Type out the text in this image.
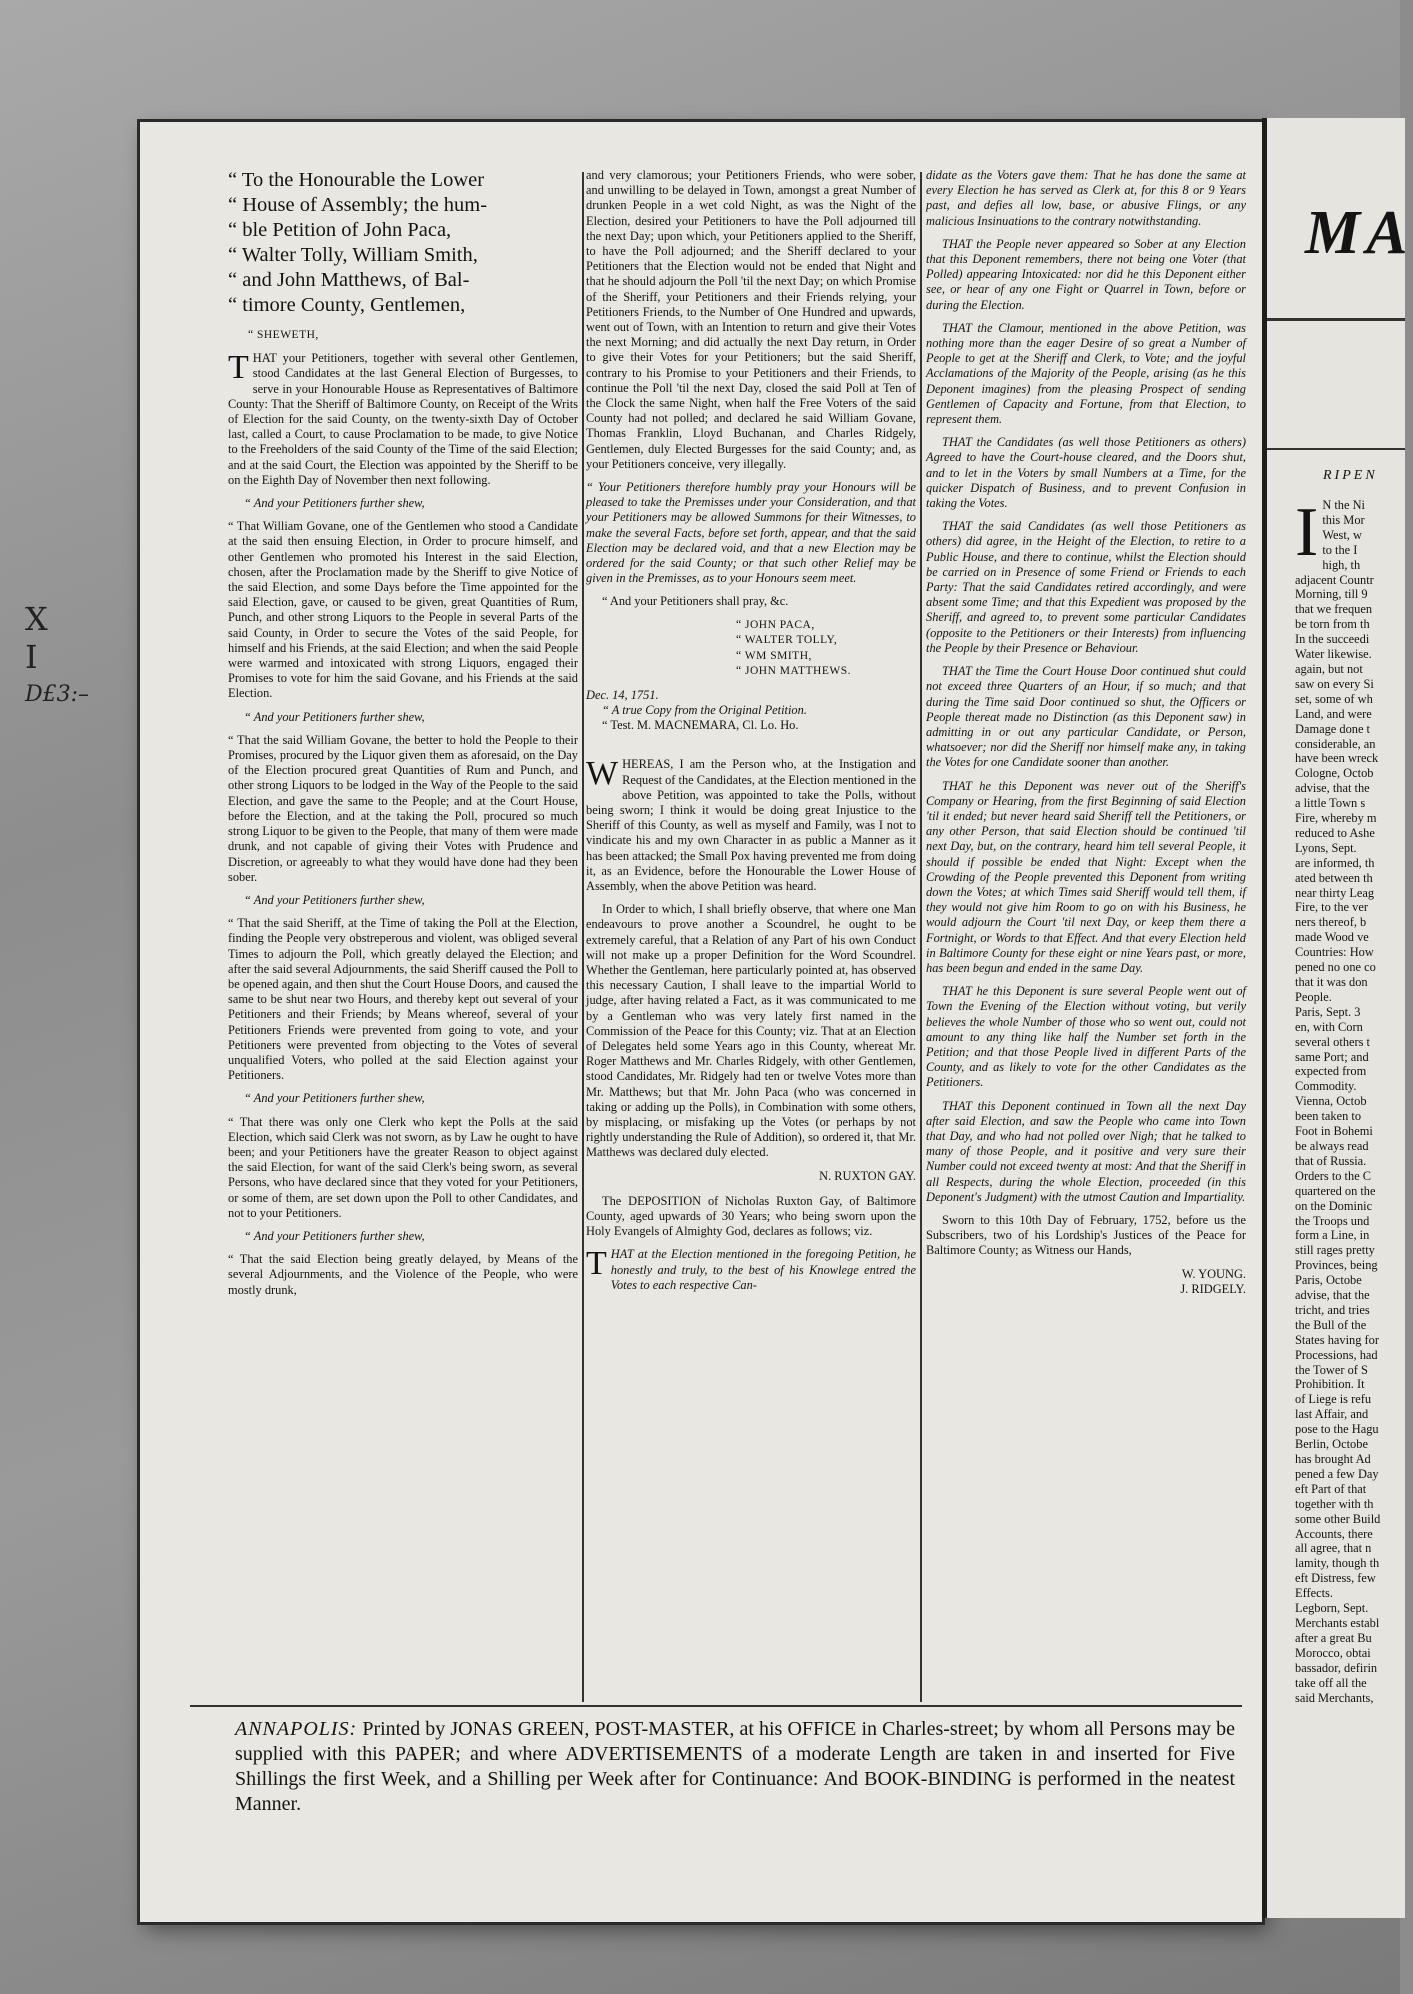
“ To the Honourable the Lower
“ House of Assembly; the hum-
“ ble Petition of John Paca,
“ Walter Tolly, William Smith,
“ and John Matthews, of Bal-
“ timore County, Gentlemen,
“ SHEWETH,

THAT your Petitioners, together with several other Gentlemen, stood Candidates at the last General Election of Burgesses, to serve in your Honourable House as Representatives of Baltimore County: That the Sheriff of Baltimore County, on Receipt of the Writs of Election for the said County, on the twenty-sixth Day of October last, called a Court, to cause Proclamation to be made, to give Notice to the Freeholders of the said County of the Time of the said Election; and at the said Court, the Election was appointed by the Sheriff to be on the Eighth Day of November then next following.

“ And your Petitioners further shew,

“ That William Govane, one of the Gentlemen who stood a Candidate at the said then ensuing Election, in Order to procure himself, and other Gentlemen who promoted his Interest in the said Election, chosen, after the Proclamation made by the Sheriff to give Notice of the said Election, and some Days before the Time appointed for the said Election, gave, or caused to be given, great Quantities of Rum, Punch, and other strong Liquors to the People in several Parts of the said County, in Order to secure the Votes of the said People, for himself and his Friends, at the said Election; and when the said People were warmed and intoxicated with strong Liquors, engaged their Promises to vote for him the said Govane, and his Friends at the said Election.

“ And your Petitioners further shew,

“ That the said William Govane, the better to hold the People to their Promises, procured by the Liquor given them as aforesaid, on the Day of the Election procured great Quantities of Rum and Punch, and other strong Liquors to be lodged in the Way of the People to the said Election, and gave the same to the People; and at the Court House, before the Election, and at the taking the Poll, procured so much strong Liquor to be given to the People, that many of them were made drunk, and not capable of giving their Votes with Prudence and Discretion, or agreeably to what they would have done had they been sober.

“ And your Petitioners further shew,

“ That the said Sheriff, at the Time of taking the Poll at the Election, finding the People very obstreperous and violent, was obliged several Times to adjourn the Poll, which greatly delayed the Election; and after the said several Adjournments, the said Sheriff caused the Poll to be opened again, and then shut the Court House Doors, and caused the same to be shut near two Hours, and thereby kept out several of your Petitioners and their Friends; by Means whereof, several of your Petitioners Friends were prevented from going to vote, and your Petitioners were prevented from objecting to the Votes of several unqualified Voters, who polled at the said Election against your Petitioners.

“ And your Petitioners further shew,

“ That there was only one Clerk who kept the Polls at the said Election, which said Clerk was not sworn, as by Law he ought to have been; and your Petitioners have the greater Reason to object against the said Election, for want of the said Clerk's being sworn, as several Persons, who have declared since that they voted for your Petitioners, or some of them, are set down upon the Poll to other Candidates, and not to your Petitioners.

“ And your Petitioners further shew,

“ That the said Election being greatly delayed, by Means of the several Adjournments, and the Violence of the People, who were mostly drunk,

and very clamorous; your Petitioners Friends, who were sober, and unwilling to be delayed in Town, amongst a great Number of drunken People in a wet cold Night, as was the Night of the Election, desired your Petitioners to have the Poll adjourned till the next Day; upon which, your Petitioners applied to the Sheriff, to have the Poll adjourned; and the Sheriff declared to your Petitioners that the Election would not be ended that Night and that he should adjourn the Poll 'til the next Day; on which Promise of the Sheriff, your Petitioners and their Friends relying, your Petitioners Friends, to the Number of One Hundred and upwards, went out of Town, with an Intention to return and give their Votes the next Morning; and did actually the next Day return, in Order to give their Votes for your Petitioners; but the said Sheriff, contrary to his Promise to your Petitioners and their Friends, to continue the Poll 'til the next Day, closed the said Poll at Ten of the Clock the same Night, when half the Free Voters of the said County had not polled; and declared he said William Govane, Thomas Franklin, Lloyd Buchanan, and Charles Ridgely, Gentlemen, duly Elected Burgesses for the said County; and, as your Petitioners conceive, very illegally.

“ Your Petitioners therefore humbly pray your Honours will be pleased to take the Premisses under your Consideration, and that your Petitioners may be allowed Summons for their Witnesses, to make the several Facts, before set forth, appear, and that the said Election may be declared void, and that a new Election may be ordered for the said County; or that such other Relief may be given in the Premisses, as to your Honours seem meet.

“ And your Petitioners shall pray, &c.

“ JOHN PACA,
“ WALTER TOLLY,
“ WM SMITH,
“ JOHN MATTHEWS.

Dec. 14, 1751.

“ A true Copy from the Original Petition.

“ Test. M. MACNEMARA, Cl. Lo. Ho.

WHEREAS, I am the Person who, at the Instigation and Request of the Candidates, at the Election mentioned in the above Petition, was appointed to take the Polls, without being sworn; I think it would be doing great Injustice to the Sheriff of this County, as well as myself and Family, was I not to vindicate his and my own Character in as public a Manner as it has been attacked; the Small Pox having prevented me from doing it, as an Evidence, before the Honourable the Lower House of Assembly, when the above Petition was heard.

In Order to which, I shall briefly observe, that where one Man endeavours to prove another a Scoundrel, he ought to be extremely careful, that a Relation of any Part of his own Conduct will not make up a proper Definition for the Word Scoundrel. Whether the Gentleman, here particularly pointed at, has observed this necessary Caution, I shall leave to the impartial World to judge, after having related a Fact, as it was communicated to me by a Gentleman who was very lately first named in the Commission of the Peace for this County; viz. That at an Election of Delegates held some Years ago in this County, whereat Mr. Roger Matthews and Mr. Charles Ridgely, with other Gentlemen, stood Candidates, Mr. Ridgely had ten or twelve Votes more than Mr. Matthews; but that Mr. John Paca (who was concerned in taking or adding up the Polls), in Combination with some others, by misplacing, or misfaking up the Votes (or perhaps by not rightly understanding the Rule of Addition), so ordered it, that Mr. Matthews was declared duly elected.

N. RUXTON GAY.

The DEPOSITION of Nicholas Ruxton Gay, of Baltimore County, aged upwards of 30 Years; who being sworn upon the Holy Evangels of Almighty God, declares as follows; viz.

THAT at the Election mentioned in the foregoing Petition, he honestly and truly, to the best of his Knowlege entred the Votes to each respective Can-

didate as the Voters gave them: That he has done the same at every Election he has served as Clerk at, for this 8 or 9 Years past, and defies all low, base, or abusive Flings, or any malicious Insinuations to the contrary notwithstanding.

THAT the People never appeared so Sober at any Election that this Deponent remembers, there not being one Voter (that Polled) appearing Intoxicated: nor did he this Deponent either see, or hear of any one Fight or Quarrel in Town, before or during the Election.

THAT the Clamour, mentioned in the above Petition, was nothing more than the eager Desire of so great a Number of People to get at the Sheriff and Clerk, to Vote; and the joyful Acclamations of the Majority of the People, arising (as he this Deponent imagines) from the pleasing Prospect of sending Gentlemen of Capacity and Fortune, from that Election, to represent them.

THAT the Candidates (as well those Petitioners as others) Agreed to have the Court-house cleared, and the Doors shut, and to let in the Voters by small Numbers at a Time, for the quicker Dispatch of Business, and to prevent Confusion in taking the Votes.

THAT the said Candidates (as well those Petitioners as others) did agree, in the Height of the Election, to retire to a Public House, and there to continue, whilst the Election should be carried on in Presence of some Friend or Friends to each Party: That the said Candidates retired accordingly, and were absent some Time; and that this Expedient was proposed by the Sheriff, and agreed to, to prevent some particular Candidates (opposite to the Petitioners or their Interests) from influencing the People by their Presence or Behaviour.

THAT the Time the Court House Door continued shut could not exceed three Quarters of an Hour, if so much; and that during the Time said Door continued so shut, the Officers or People thereat made no Distinction (as this Deponent saw) in admitting in or out any particular Candidate, or Person, whatsoever; nor did the Sheriff nor himself make any, in taking the Votes for one Candidate sooner than another.

THAT he this Deponent was never out of the Sheriff's Company or Hearing, from the first Beginning of said Election 'til it ended; but never heard said Sheriff tell the Petitioners, or any other Person, that said Election should be continued 'til next Day, but, on the contrary, heard him tell several People, it should if possible be ended that Night: Except when the Crowding of the People prevented this Deponent from writing down the Votes; at which Times said Sheriff would tell them, if they would not give him Room to go on with his Business, he would adjourn the Court 'til next Day, or keep them there a Fortnight, or Words to that Effect. And that every Election held in Baltimore County for these eight or nine Years past, or more, has been begun and ended in the same Day.

THAT he this Deponent is sure several People went out of Town the Evening of the Election without voting, but verily believes the whole Number of those who so went out, could not amount to any thing like half the Number set forth in the Petition; and that those People lived in different Parts of the County, and as likely to vote for the other Candidates as the Petitioners.

THAT this Deponent continued in Town all the next Day after said Election, and saw the People who came into Town that Day, and who had not polled over Nigh; that he talked to many of those People, and it positive and very sure their Number could not exceed twenty at most: And that the Sheriff in all Respects, during the whole Election, proceeded (in this Deponent's Judgment) with the utmost Caution and Impartiality.

Sworn to this 10th Day of February, 1752, before us the Subscribers, two of his Lordship's Justices of the Peace for Baltimore County; as Witness our Hands,

W. YOUNG.

J. RIDGELY.

ANNAPOLIS: Printed by JONAS GREEN, POST-MASTER, at his OFFICE in Charles-street; by whom all Persons may be supplied with this PAPER; and where ADVERTISEMENTS of a moderate Length are taken in and inserted for Five Shillings the first Week, and a Shilling per Week after for Continuance: And BOOK-BINDING is performed in the neatest Manner.
X
I
D£3:–
MA
RIPEN
I N the Ni
this Mor
West, w
to the I
high, th
adjacent Countr
Morning, till 9
that we frequen
be torn from th
In the succeedi
Water likewise.
again, but not
saw on every Si
set, some of wh
Land, and were
Damage done t
considerable, an
have been wreck
Cologne, Octob
advise, that the
a little Town s
Fire, whereby m
reduced to Ashe
Lyons, Sept.
are informed, th
ated between th
near thirty Leag
Fire, to the ver
ners thereof, b
made Wood ve
Countries: How
pened no one co
that it was don
People.
Paris, Sept. 3
en, with Corn
several others t
same Port; and
expected from
Commodity.
Vienna, Octob
been taken to
Foot in Bohemi
be always read
that of Russia.
Orders to the C
quartered on the
on the Dominic
the Troops und
form a Line, in
still rages pretty
Provinces, being
Paris, Octobe
advise, that the
tricht, and tries
the Bull of the
States having for
Processions, had
the Tower of S
Prohibition. It
of Liege is refu
last Affair, and
pose to the Hagu
Berlin, Octobe
has brought Ad
pened a few Day
eft Part of that
together with th
some other Build
Accounts, there
all agree, that n
lamity, though th
eft Distress, few
Effects.
Legborn, Sept.
Merchants establ
after a great Bu
Morocco, obtai
bassador, defirin
take off all the
said Merchants,
